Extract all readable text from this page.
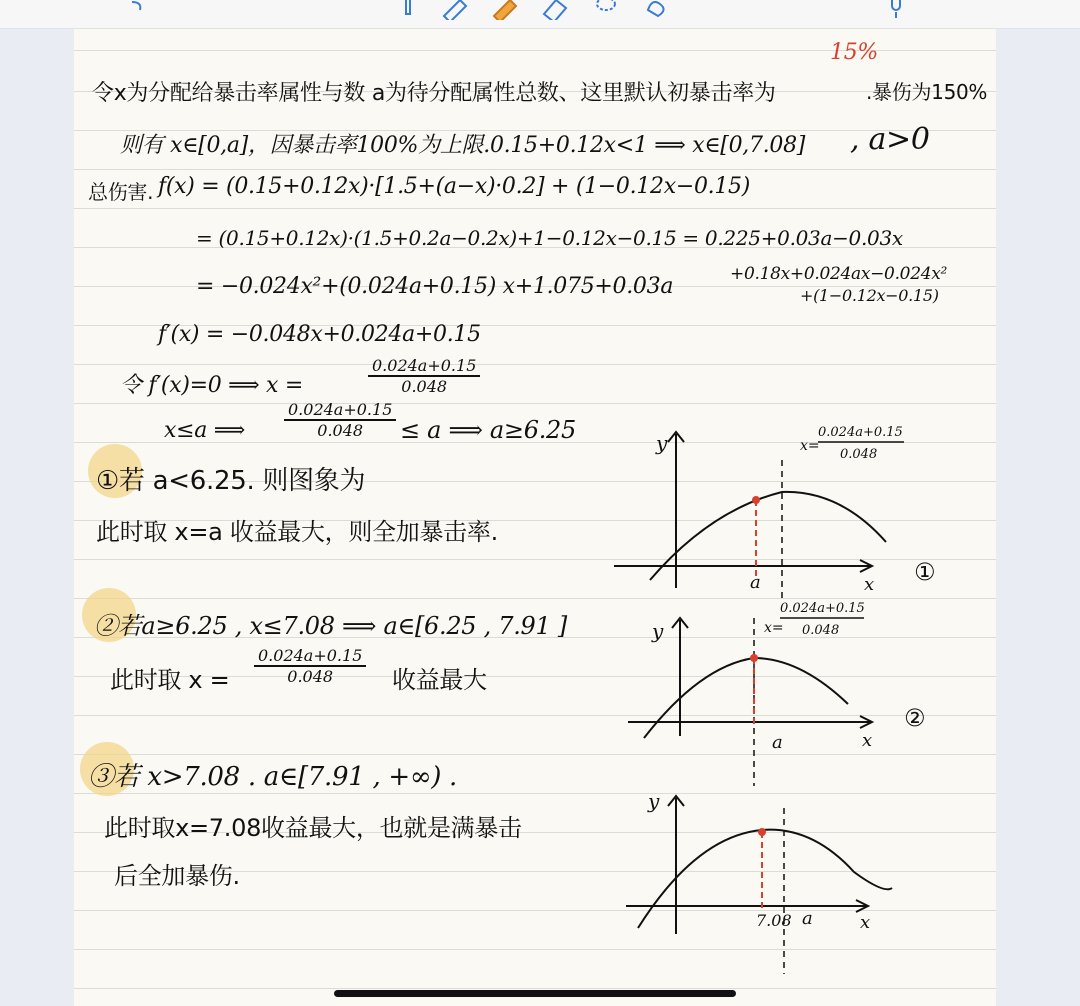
15%
令x为分配给暴击率属性与数 a为待分配属性总数、这里默认初暴击率为	.暴伤为150%
则有 x∈[0,a]，因暴击率100%为上限.0.15+0.12x<1 ⟹ x∈[0,7.08] , a>0
总伤害. f(x) = (0.15+0.12x)·[1.5+(a−x)·0.2] + (1−0.12x−0.15)
= (0.15+0.12x)·(1.5+0.2a−0.2x)+1−0.12x−0.15 = 0.225+0.03a−0.03x
= −0.024x²+(0.024a+0.15) x+1.075+0.03a	+0.18x+0.024ax−0.024x²
+(1−0.12x−0.15)
f′(x) = −0.048x+0.024a+0.15
令 f′(x)=0 ⟹ x =	$\frac{0.024a+0.15}{0.048}$
x≤a ⟹ $\frac{0.024a+0.15}{0.048} \le a$ ⟹ a≥6.25
①若 a<6.25. 则图象为
此时取 x=a 收益最大，则全加暴击率.
②若a≥6.25 , x≤7.08 ⟹ a∈[6.25 , 7.91 ]
此时取 $x = \frac{0.024a+0.15}{0.048}$ 收益最大
③若 x>7.08 . a∈[7.91 , +∞) .
此时取x=7.08收益最大，也就是满暴击
后全加暴伤.
y
x
a
x=
0.024a+0.15
0.048
①
y
x
a
x=
0.024a+0.15
0.048
②
y
x
a
7.08
